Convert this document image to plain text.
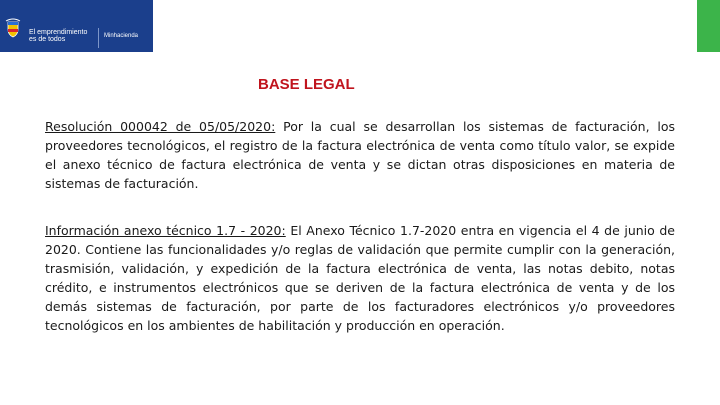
El emprendimiento
es de todos	Minhacienda
BASE LEGAL

Resolución 000042 de 05/05/2020: Por la cual se desarrollan los sistemas de facturación, los proveedores tecnológicos, el registro de la factura electrónica de venta como título valor, se expide el anexo técnico de factura electrónica de venta y se dictan otras disposiciones en materia de sistemas de facturación.

Información anexo técnico 1.7 - 2020: El Anexo Técnico 1.7-2020 entra en vigencia el 4 de junio de 2020. Contiene las funcionalidades y/o reglas de validación que permite cumplir con la generación, trasmisión, validación, y expedición de la factura electrónica de venta, las notas debito, notas crédito, e instrumentos electrónicos que se deriven de la factura electrónica de venta y de los demás sistemas de facturación, por parte de los facturadores electrónicos y/o proveedores tecnológicos en los ambientes de habilitación y producción en operación.
